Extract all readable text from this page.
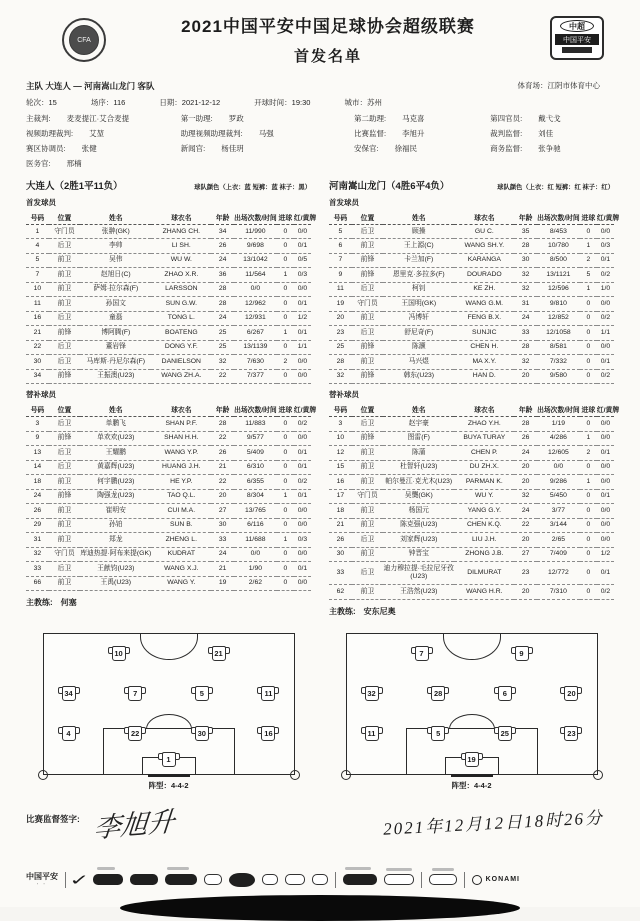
CFA
2021中国平安中国足球协会超级联赛
首发名单
中超
中国平安
主队 大连人 — 河南嵩山龙门 客队	体育场：江阴市体育中心
轮次：15	场序：116	日期：2021-12-12	开球时间：19:30	城市：苏州
主裁判: 麦麦提江·艾合麦提	第一助理: 罗政	第二助理: 马克喜	第四官员: 戴弋戈
视频助理裁判: 艾堃	助理视频助理裁判: 马强	比赛监督: 李旭升	裁判监督: 刘佳
赛区协调员: 张健	新闻官: 杨佳玥	安保官: 徐福民	商务监督: 张争驰
医务官: 邢楠
大连人（2胜1平11负）	球队颜色（上衣：蓝 短裤：蓝 袜子：黑）
首发球员
号码	位置	姓名	球衣名	年龄	出场次数/时间	进球	红/黄牌
1	守门员	张翀(GK)	ZHANG CH.	34	11/990	0	0/0
4	后卫	李帅	LI SH.	26	9/698	0	0/1
5	前卫	吴伟	WU W.	24	13/1042	0	0/5
7	前卫	赵旭日(C)	ZHAO X.R.	36	11/564	1	0/3
10	前卫	萨姆·拉尔森(F)	LARSSON	28	0/0	0	0/0
11	前卫	孙国文	SUN G.W.	28	12/962	0	0/1
16	后卫	童磊	TONG L.	24	12/931	0	1/2
21	前锋	博阿腾(F)	BOATENG	25	6/267	1	0/1
22	后卫	董岩锋	DONG Y.F.	25	13/1139	0	1/1
30	后卫	马库斯·丹尼尔森(F)	DANIELSON	32	7/630	2	0/0
34	前锋	王振澳(U23)	WANG ZH.A.	22	7/377	0	0/0
替补球员
号码	位置	姓名	球衣名	年龄	出场次数/时间	进球	红/黄牌
3	后卫	单鹏飞	SHAN P.F.	28	11/883	0	0/2
9	前锋	单欢欢(U23)	SHAN H.H.	22	9/577	0	0/0
13	后卫	王耀鹏	WANG Y.P.	26	5/409	0	0/1
14	后卫	黄嘉辉(U23)	HUANG J.H.	21	6/310	0	0/1
18	前卫	何宇鹏(U23)	HE Y.P.	22	6/355	0	0/2
24	前锋	陶强龙(U23)	TAO Q.L.	20	8/304	1	0/1
26	前卫	崔明安	CUI M.A.	27	13/765	0	0/0
29	前卫	孙铂	SUN B.	30	6/116	0	0/0
31	前卫	郑龙	ZHENG L.	33	11/688	1	0/3
32	守门员	库迪热提·阿布来提(GK)	KUDRAT	24	0/0	0	0/0
33	后卫	王献钧(U23)	WANG X.J.	21	1/90	0	0/1
66	前卫	王禹(U23)	WANG Y.	19	2/62	0	0/0
主教练: 何塞
河南嵩山龙门（4胜6平4负）	球队颜色（上衣：红 短裤：红 袜子：红）
首发球员
号码	位置	姓名	球衣名	年龄	出场次数/时间	进球	红/黄牌
5	后卫	顾操	GU C.	35	8/453	0	0/0
6	前卫	王上源(C)	WANG SH.Y.	28	10/780	1	0/3
7	前锋	卡兰加(F)	KARANGA	30	8/500	2	0/1
9	前锋	恩里克·多拉多(F)	DOURADO	32	13/1121	5	0/2
11	后卫	柯钊	KE ZH.	32	12/596	1	1/0
19	守门员	王国明(GK)	WANG G.M.	31	9/810	0	0/0
20	前卫	冯博轩	FENG B.X.	24	12/852	0	0/2
23	后卫	舒尼奇(F)	SUNJIC	33	12/1058	0	1/1
25	前锋	陈灏	CHEN H.	28	8/581	0	0/0
28	前卫	马兴煜	MA X.Y.	32	7/332	0	0/1
32	前锋	韩东(U23)	HAN D.	20	9/580	0	0/2
替补球员
号码	位置	姓名	球衣名	年龄	出场次数/时间	进球	红/黄牌
3	后卫	赵宇豪	ZHAO Y.H.	28	1/19	0	0/0
10	前锋	图雷(F)	BUYA TURAY	26	4/286	1	0/0
12	前卫	陈蒲	CHEN P.	24	12/605	2	0/1
15	前卫	杜智轩(U23)	DU ZH.X.	20	0/0	0	0/0
16	前卫	帕尔曼江·克尤木(U23)	PARMAN K.	20	9/286	1	0/0
17	守门员	吴龑(GK)	WU Y.	32	5/450	0	0/1
18	前卫	杨国元	YANG G.Y.	24	3/77	0	0/0
21	前卫	陈克强(U23)	CHEN K.Q.	22	3/144	0	0/0
26	后卫	刘家辉(U23)	LIU J.H.	20	2/65	0	0/0
30	前卫	钟晋宝	ZHONG J.B.	27	7/409	0	1/2
33	后卫	迪力穆拉提·毛拉尼牙孜(U23)	DILMURAT	23	12/772	0	0/1
62	前卫	王浩然(U23)	WANG H.R.	20	7/310	0	0/2
主教练: 安东尼奥
10	21
34	7	5	11
4	22	30	16
1
阵型：4-4-2
7	9
32	28	6	20
11	5	25	23
19
阵型：4-4-2
比赛监督签字: 李旭升	2021年12月12日18时26分
中国平安
· ·	✓	KONAMI
